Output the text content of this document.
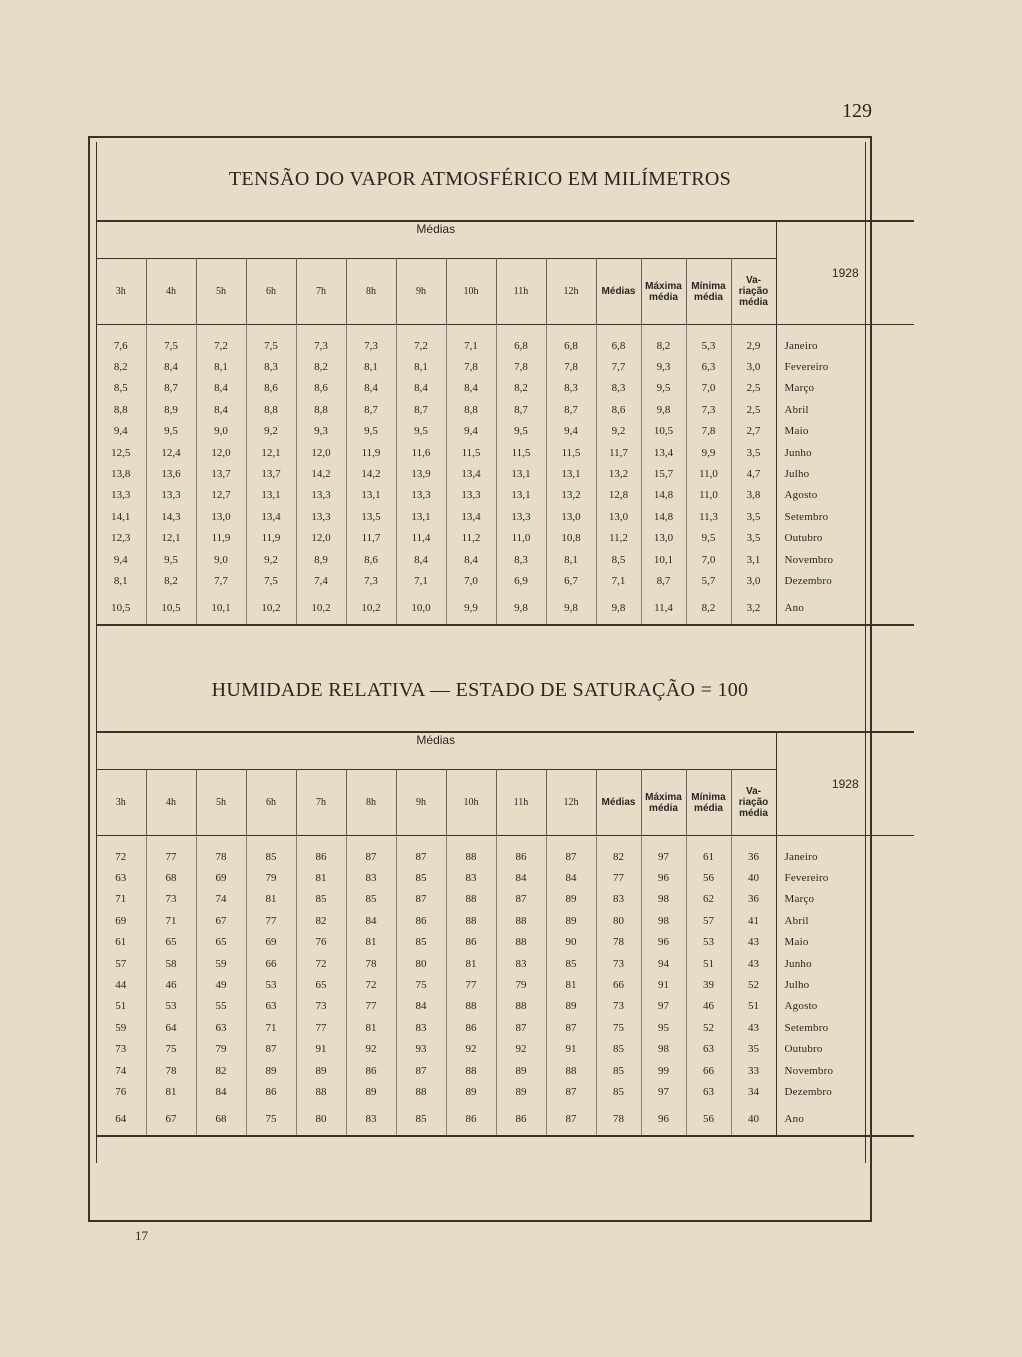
129
TENSÃO DO VAPOR ATMOSFÉRICO EM MILÍMETROS
HUMIDADE RELATIVA — ESTADO DE SATURAÇÃO = 100
Médias														1928
3h	4h	5h	6h	7h	8h	9h	10h	11h	12h	Médias	Máxima média	Mínima média	Va-riação média	

7,6	7,5	7,2	7,5	7,3	7,3	7,2	7,1	6,8	6,8	6,8	8,2	5,3	2,9	Janeiro
8,2	8,4	8,1	8,3	8,2	8,1	8,1	7,8	7,8	7,8	7,7	9,3	6,3	3,0	Fevereiro
8,5	8,7	8,4	8,6	8,6	8,4	8,4	8,4	8,2	8,3	8,3	9,5	7,0	2,5	Março
8,8	8,9	8,4	8,8	8,8	8,7	8,7	8,8	8,7	8,7	8,6	9,8	7,3	2,5	Abril
9,4	9,5	9,0	9,2	9,3	9,5	9,5	9,4	9,5	9,4	9,2	10,5	7,8	2,7	Maio
12,5	12,4	12,0	12,1	12,0	11,9	11,6	11,5	11,5	11,5	11,7	13,4	9,9	3,5	Junho
13,8	13,6	13,7	13,7	14,2	14,2	13,9	13,4	13,1	13,1	13,2	15,7	11,0	4,7	Julho
13,3	13,3	12,7	13,1	13,3	13,1	13,3	13,3	13,1	13,2	12,8	14,8	11,0	3,8	Agosto
14,1	14,3	13,0	13,4	13,3	13,5	13,1	13,4	13,3	13,0	13,0	14,8	11,3	3,5	Setembro
12,3	12,1	11,9	11,9	12,0	11,7	11,4	11,2	11,0	10,8	11,2	13,0	9,5	3,5	Outubro
9,4	9,5	9,0	9,2	8,9	8,6	8,4	8,4	8,3	8,1	8,5	10,1	7,0	3,1	Novembro
8,1	8,2	7,7	7,5	7,4	7,3	7,1	7,0	6,9	6,7	7,1	8,7	5,7	3,0	Dezembro
10,5	10,5	10,1	10,2	10,2	10,2	10,0	9,9	9,8	9,8	9,8	11,4	8,2	3,2	Ano

Médias														1928
3h	4h	5h	6h	7h	8h	9h	10h	11h	12h	Médias	Máxima média	Mínima média	Va-riação média	

72	77	78	85	86	87	87	88	86	87	82	97	61	36	Janeiro
63	68	69	79	81	83	85	83	84	84	77	96	56	40	Fevereiro
71	73	74	81	85	85	87	88	87	89	83	98	62	36	Março
69	71	67	77	82	84	86	88	88	89	80	98	57	41	Abril
61	65	65	69	76	81	85	86	88	90	78	96	53	43	Maio
57	58	59	66	72	78	80	81	83	85	73	94	51	43	Junho
44	46	49	53	65	72	75	77	79	81	66	91	39	52	Julho
51	53	55	63	73	77	84	88	88	89	73	97	46	51	Agosto
59	64	63	71	77	81	83	86	87	87	75	95	52	43	Setembro
73	75	79	87	91	92	93	92	92	91	85	98	63	35	Outubro
74	78	82	89	89	86	87	88	89	88	85	99	66	33	Novembro
76	81	84	86	88	89	88	89	89	87	85	97	63	34	Dezembro
64	67	68	75	80	83	85	86	86	87	78	96	56	40	Ano

17
